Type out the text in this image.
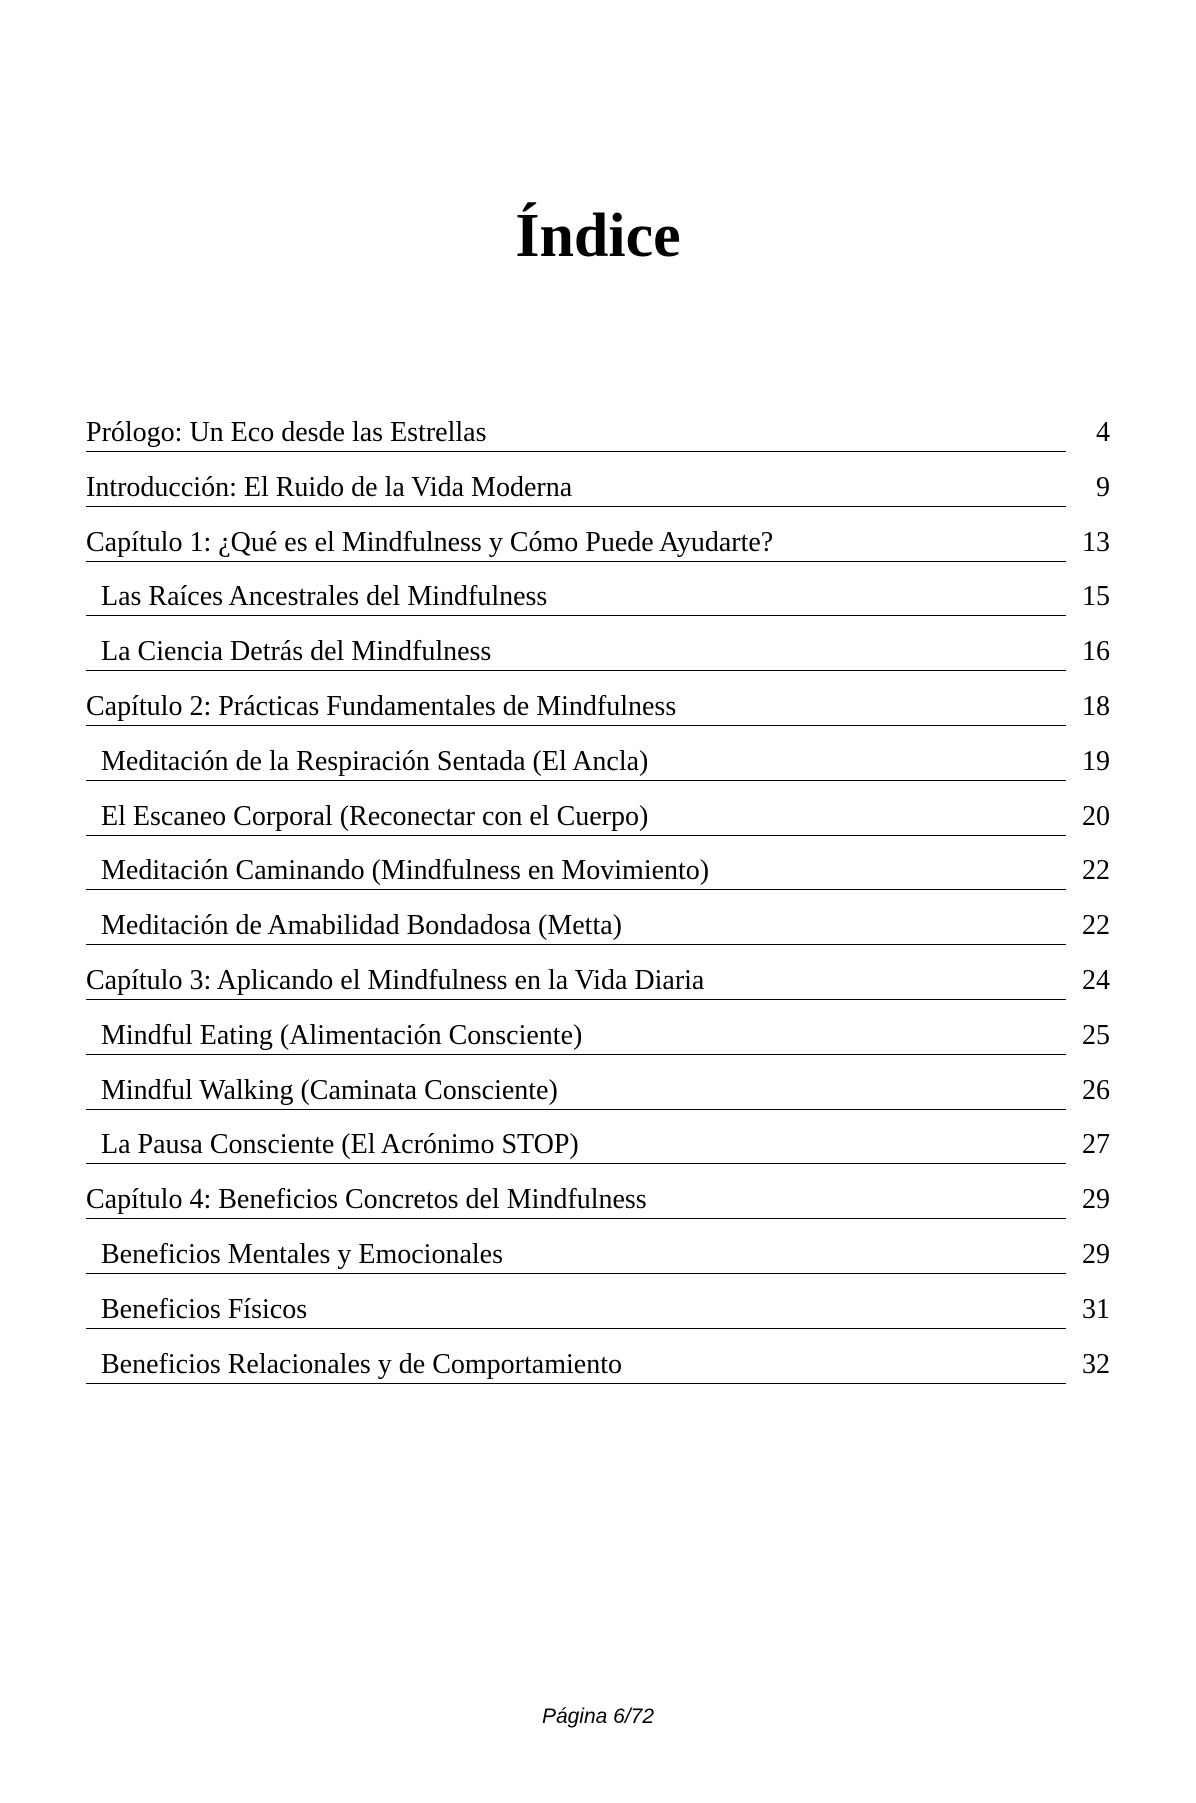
Índice
Prólogo: Un Eco desde las Estrellas	4
Introducción: El Ruido de la Vida Moderna	9
Capítulo 1: ¿Qué es el Mindfulness y Cómo Puede Ayudarte?	13
Las Raíces Ancestrales del Mindfulness	15
La Ciencia Detrás del Mindfulness	16
Capítulo 2: Prácticas Fundamentales de Mindfulness	18
Meditación de la Respiración Sentada (El Ancla)	19
El Escaneo Corporal (Reconectar con el Cuerpo)	20
Meditación Caminando (Mindfulness en Movimiento)	22
Meditación de Amabilidad Bondadosa (Metta)	22
Capítulo 3: Aplicando el Mindfulness en la Vida Diaria	24
Mindful Eating (Alimentación Consciente)	25
Mindful Walking (Caminata Consciente)	26
La Pausa Consciente (El Acrónimo STOP)	27
Capítulo 4: Beneficios Concretos del Mindfulness	29
Beneficios Mentales y Emocionales	29
Beneficios Físicos	31
Beneficios Relacionales y de Comportamiento	32
Página 6/72
